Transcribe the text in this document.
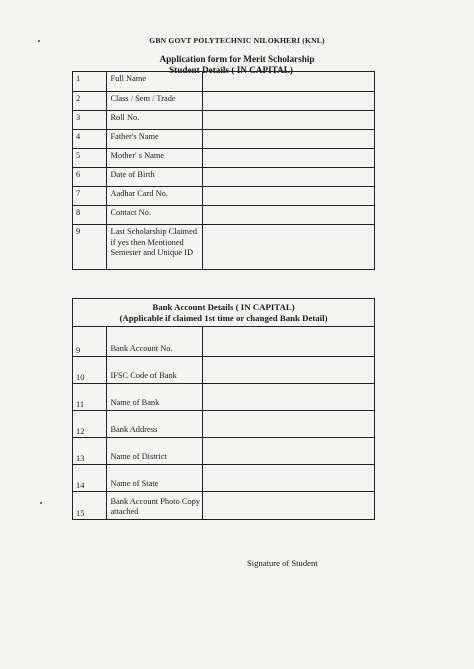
GBN GOVT POLYTECHNIC NILOKHERI (KNL)
Application form for Merit Scholarship
Student Details ( IN CAPITAL)
1	Full Name	
2	Class / Sem / Trade	
3	Roll No.	
4	Father's Name	
5	Mother' s Name	
6	Date of Birth	
7	Aadhar Card No.	
8	Contact No.	
9	Last Scholarship Claimed if yes then Mentioned Semester and Unique ID	
Bank Account Details ( IN CAPITAL)
(Applicable if claimed 1st time or changed Bank Detail)		

9	Bank Account No.	
10	IFSC Code of Bank	
11	Name of Bank	
12	Bank Address	
13	Name of District	
14	Name of State	
15	Bank Account Photo Copy attached	
Signature of Student
